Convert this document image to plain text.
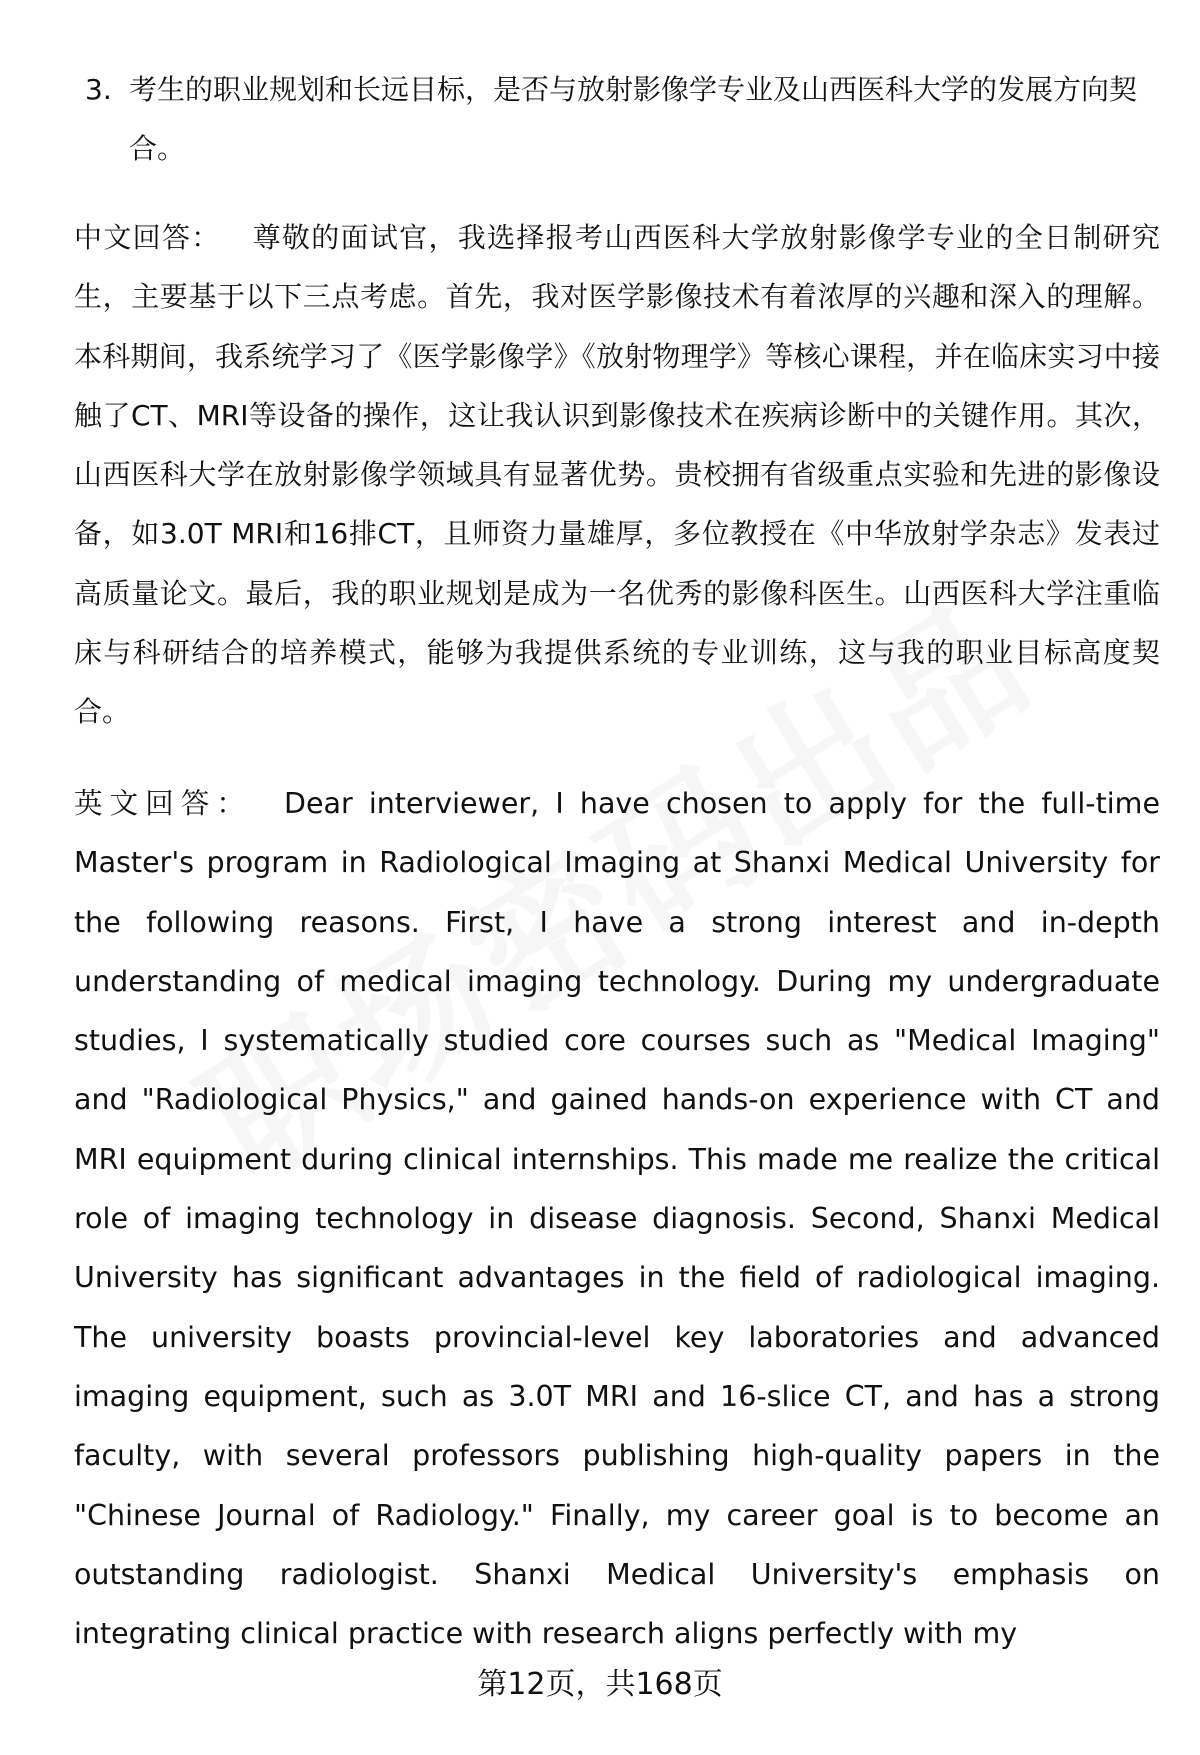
3. 考生的职业规划和长远目标，是否与放射影像学专业及山西医科大学的发展方向契合。

中文回答： 尊敬的面试官，我选择报考山西医科大学放射影像学专业的全日制研究生，主要基于以下三点考虑。首先，我对医学影像技术有着浓厚的兴趣和深入的理解。本科期间，我系统学习了《医学影像学》《放射物理学》等核心课程，并在临床实习中接触了CT、MRI等设备的操作，这让我认识到影像技术在疾病诊断中的关键作用。其次，山西医科大学在放射影像学领域具有显著优势。贵校拥有省级重点实验和先进的影像设备，如3.0T MRI和16排CT，且师资力量雄厚，多位教授在《中华放射学杂志》发表过高质量论文。最后，我的职业规划是成为一名优秀的影像科医生。山西医科大学注重临床与科研结合的培养模式，能够为我提供系统的专业训练，这与我的职业目标高度契合。

英文回答： Dear interviewer, I have chosen to apply for the full-time Master's program in Radiological Imaging at Shanxi Medical University for the following reasons. First, I have a strong interest and in-depth understanding of medical imaging technology. During my undergraduate studies, I systematically studied core courses such as "Medical Imaging" and "Radiological Physics," and gained hands-on experience with CT and MRI equipment during clinical internships. This made me realize the critical role of imaging technology in disease diagnosis. Second, Shanxi Medical University has significant advantages in the field of radiological imaging. The university boasts provincial-level key laboratories and advanced imaging equipment, such as 3.0T MRI and 16-slice CT, and has a strong faculty, with several professors publishing high-quality papers in the "Chinese Journal of Radiology." Finally, my career goal is to become an outstanding radiologist. Shanxi Medical University's emphasis on integrating clinical practice with research aligns perfectly with my

第12页，共168页
